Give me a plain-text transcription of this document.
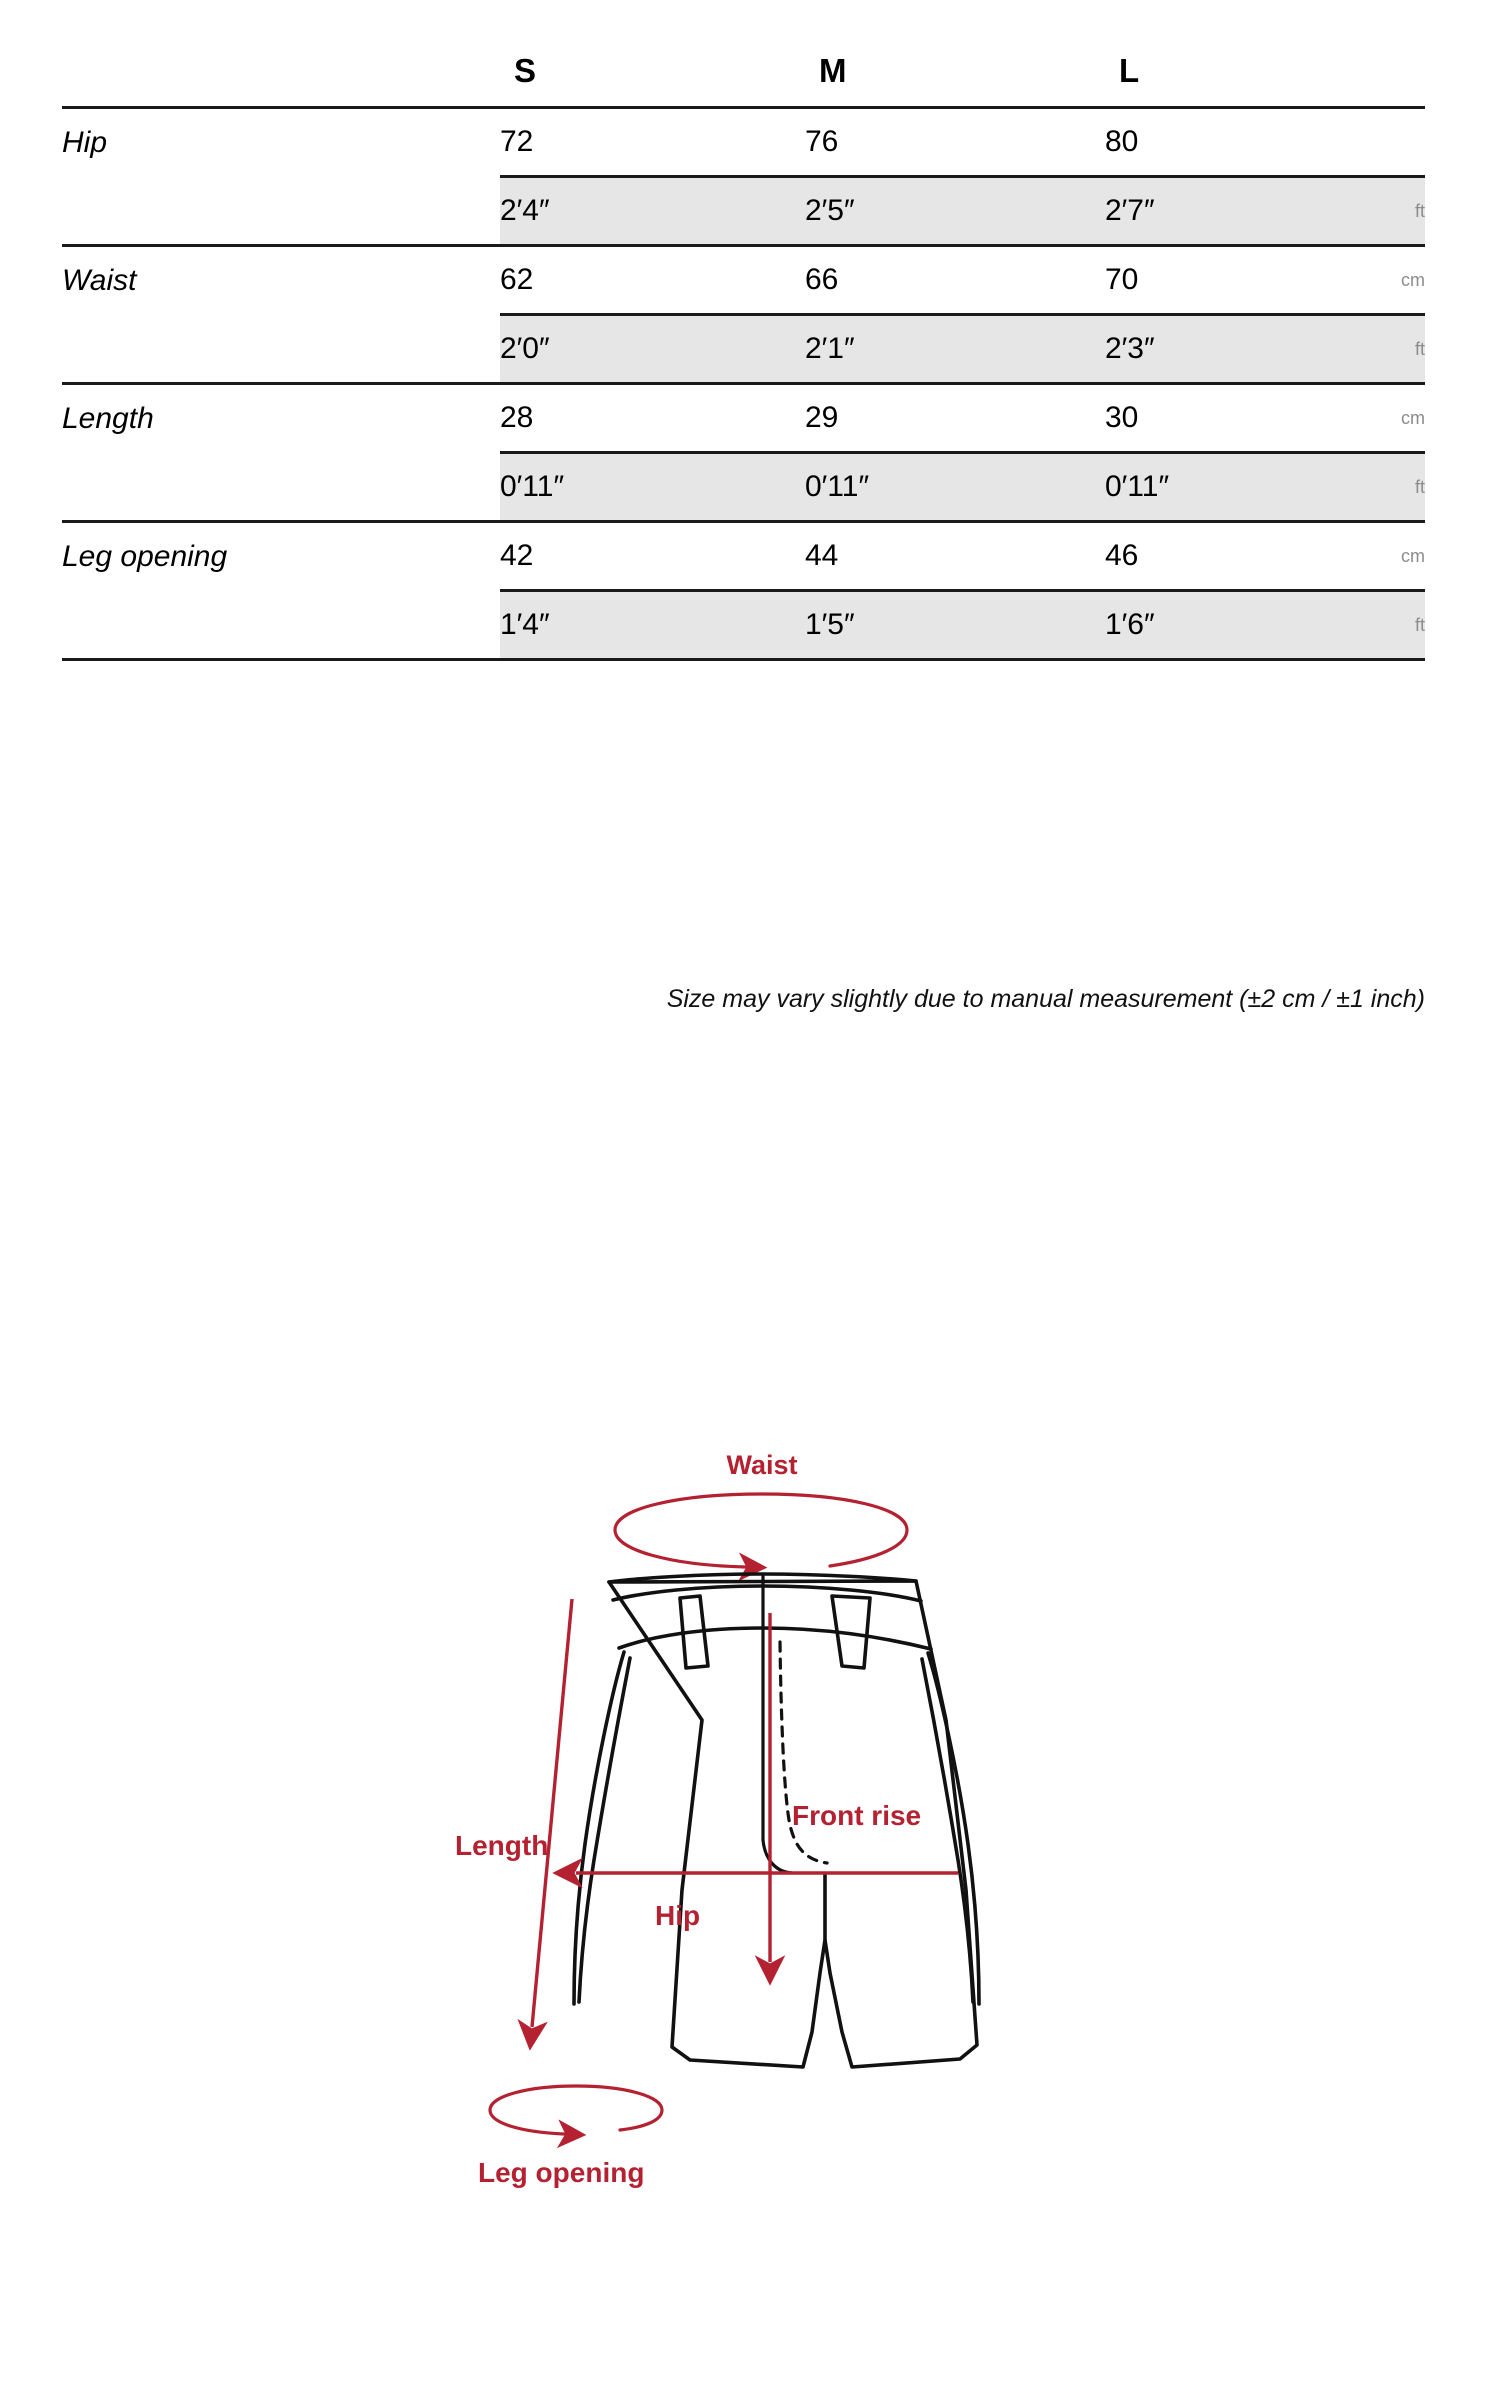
	S	M	L	
Hip	72	76	80	
	2′4″	2′5″	2′7″	ft
Waist	62	66	70	cm
	2′0″	2′1″	2′3″	ft
Length	28	29	30	cm
	0′11″	0′11″	0′11″	ft
Leg opening	42	44	46	cm
	1′4″	1′5″	1′6″	ft

Size may vary slightly due to manual measurement (±2 cm / ±1 inch)
Waist
Length
Front rise
Hip
Leg opening
